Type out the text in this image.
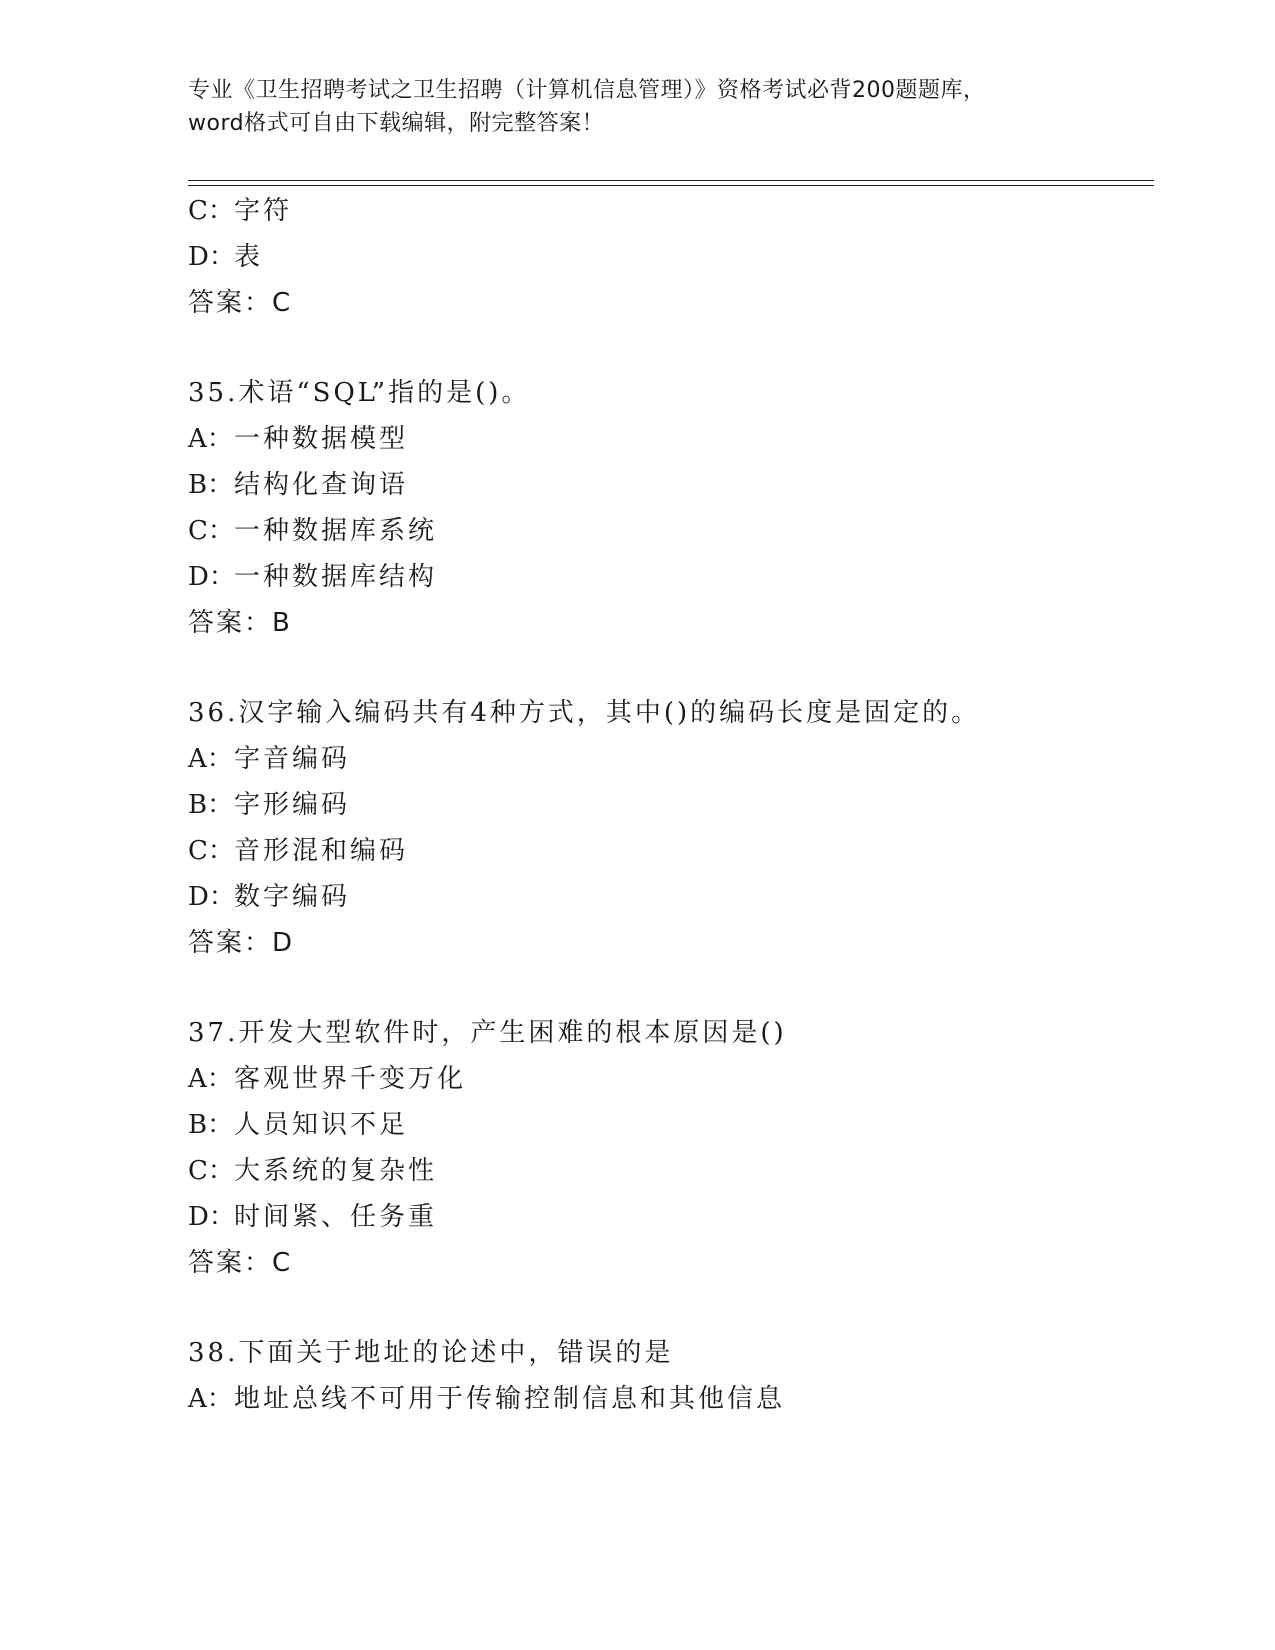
专业《卫生招聘考试之卫生招聘（计算机信息管理）》资格考试必背200题题库，
word格式可自由下载编辑，附完整答案！
C：字符
D：表
答案：C
35.术语“SQL”指的是()。
A：一种数据模型
B：结构化查询语
C：一种数据库系统
D：一种数据库结构
答案：B
36.汉字输入编码共有4种方式，其中()的编码长度是固定的。
A：字音编码
B：字形编码
C：音形混和编码
D：数字编码
答案：D
37.开发大型软件时，产生困难的根本原因是()
A：客观世界千变万化
B：人员知识不足
C：大系统的复杂性
D：时间紧、任务重
答案：C
38.下面关于地址的论述中，错误的是
A：地址总线不可用于传输控制信息和其他信息
